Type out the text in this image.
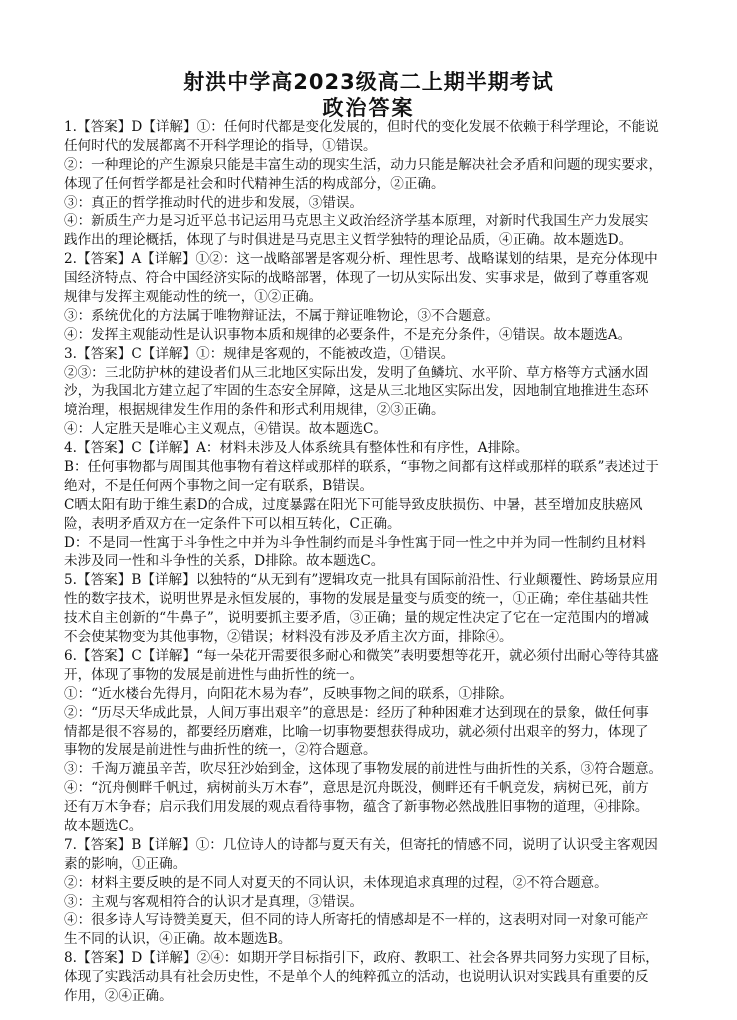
射洪中学高2023级高二上期半期考试
政治答案
1.【答案】D【详解】①：任何时代都是变化发展的，但时代的变化发展不依赖于科学理论，不能说
任何时代的发展都离不开科学理论的指导，①错误。
②：一种理论的产生源泉只能是丰富生动的现实生活，动力只能是解决社会矛盾和问题的现实要求，
体现了任何哲学都是社会和时代精神生活的构成部分，②正确。
③：真正的哲学推动时代的进步和发展，③错误。
④：新质生产力是习近平总书记运用马克思主义政治经济学基本原理，对新时代我国生产力发展实
践作出的理论概括，体现了与时俱进是马克思主义哲学独特的理论品质，④正确。故本题选D。
2.【答案】A【详解】①②：这一战略部署是客观分析、理性思考、战略谋划的结果，是充分体现中
国经济特点、符合中国经济实际的战略部署，体现了一切从实际出发、实事求是，做到了尊重客观
规律与发挥主观能动性的统一，①②正确。
③：系统优化的方法属于唯物辩证法，不属于辩证唯物论，③不合题意。
④：发挥主观能动性是认识事物本质和规律的必要条件，不是充分条件，④错误。故本题选A。
3.【答案】C【详解】①：规律是客观的，不能被改造，①错误。
②③：三北防护林的建设者们从三北地区实际出发，发明了鱼鳞坑、水平阶、草方格等方式涵水固
沙，为我国北方建立起了牢固的生态安全屏障，这是从三北地区实际出发，因地制宜地推进生态环
境治理，根据规律发生作用的条件和形式利用规律，②③正确。
④：人定胜天是唯心主义观点，④错误。故本题选C。
4.【答案】C【详解】A：材料未涉及人体系统具有整体性和有序性，A排除。
B：任何事物都与周围其他事物有着这样或那样的联系，“事物之间都有这样或那样的联系”表述过于
绝对，不是任何两个事物之间一定有联系，B错误。
C晒太阳有助于维生素D的合成，过度暴露在阳光下可能导致皮肤损伤、中暑，甚至增加皮肤癌风
险，表明矛盾双方在一定条件下可以相互转化，C正确。
D：不是同一性寓于斗争性之中并为斗争性制约而是斗争性寓于同一性之中并为同一性制约且材料
未涉及同一性和斗争性的关系，D排除。故本题选C。
5.【答案】B【详解】以独特的“从无到有”逻辑攻克一批具有国际前沿性、行业颠覆性、跨场景应用
性的数字技术，说明世界是永恒发展的，事物的发展是量变与质变的统一，①正确；牵住基础共性
技术自主创新的“牛鼻子”，说明要抓主要矛盾，③正确；量的规定性决定了它在一定范围内的增减
不会使某物变为其他事物，②错误；材料没有涉及矛盾主次方面，排除④。
6.【答案】C【详解】“每一朵花开需要很多耐心和微笑”表明要想等花开，就必须付出耐心等待其盛
开，体现了事物的发展是前进性与曲折性的统一。
①：“近水楼台先得月，向阳花木易为春”，反映事物之间的联系，①排除。
②：“历尽天华成此景，人间万事出艰辛”的意思是：经历了种种困难才达到现在的景象，做任何事
情都是很不容易的，都要经历磨难，比喻一切事物要想获得成功，就必须付出艰辛的努力，体现了
事物的发展是前进性与曲折性的统一，②符合题意。
③：千淘万漉虽辛苦，吹尽狂沙始到金，这体现了事物发展的前进性与曲折性的关系，③符合题意。
④：“沉舟侧畔千帆过，病树前头万木春”，意思是沉舟既没，侧畔还有千帆竞发，病树已死，前方
还有万木争春；启示我们用发展的观点看待事物，蕴含了新事物必然战胜旧事物的道理，④排除。
故本题选C。
7.【答案】B【详解】①：几位诗人的诗都与夏天有关，但寄托的情感不同，说明了认识受主客观因
素的影响，①正确。
②：材料主要反映的是不同人对夏天的不同认识，未体现追求真理的过程，②不符合题意。
③：主观与客观相符合的认识才是真理，③错误。
④：很多诗人写诗赞美夏天，但不同的诗人所寄托的情感却是不一样的，这表明对同一对象可能产
生不同的认识，④正确。故本题选B。
8.【答案】D【详解】②④：如期开学目标指引下，政府、教职工、社会各界共同努力实现了目标，
体现了实践活动具有社会历史性，不是单个人的纯粹孤立的活动，也说明认识对实践具有重要的反
作用，②④正确。
